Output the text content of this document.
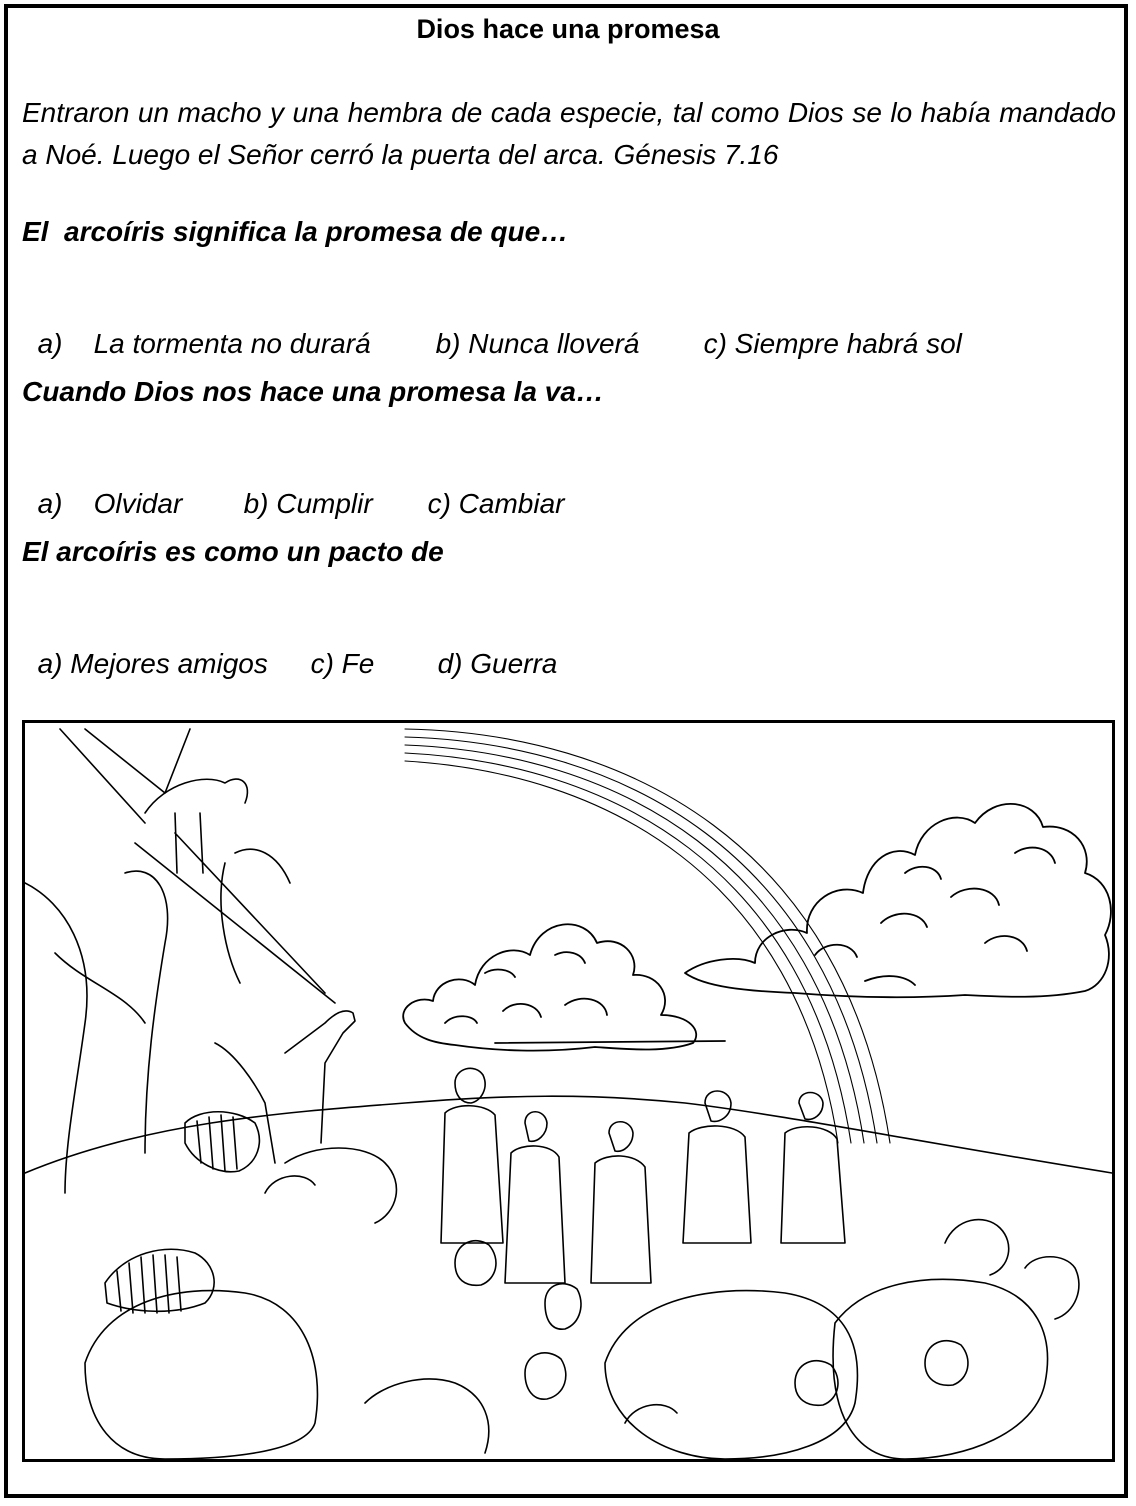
Dios hace una promesa
Entraron un macho y una hembra de cada especie, tal como Dios se lo había mandado a Noé. Luego el Señor cerró la puerta del arca. Génesis 7.16
El  arcoíris significa la promesa de que…

a)    La tormenta no durará b) Nunca lloverá c) Siempre habrá sol

Cuando Dios nos hace una promesa la va…

a)    Olvidar b) Cumplir c) Cambiar

El arcoíris es como un pacto de

a) Mejores amigos c) Fe d) Guerra
